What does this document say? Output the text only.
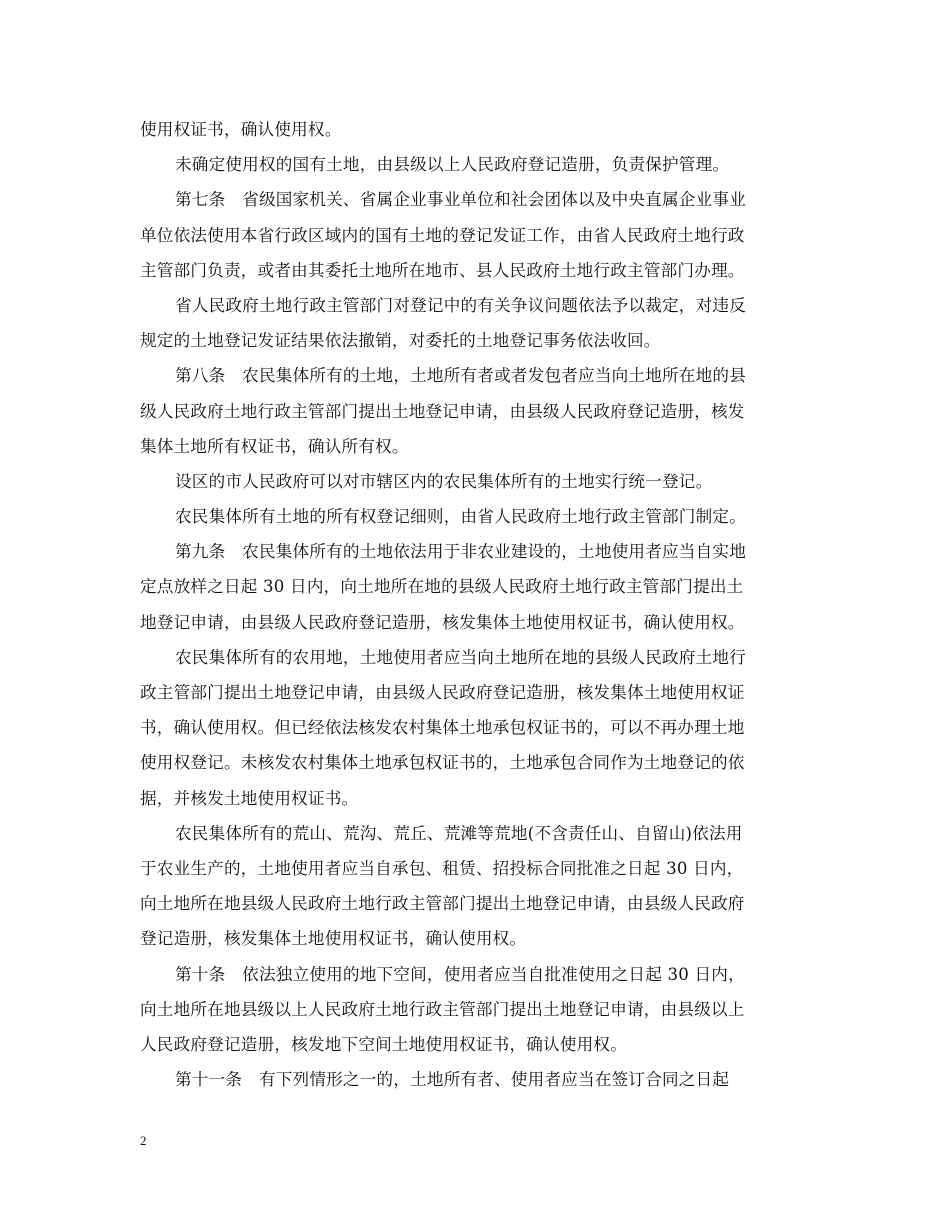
使用权证书，确认使用权。
未确定使用权的国有土地，由县级以上人民政府登记造册，负责保护管理。
第七条　省级国家机关、省属企业事业单位和社会团体以及中央直属企业事业
单位依法使用本省行政区域内的国有土地的登记发证工作，由省人民政府土地行政
主管部门负责，或者由其委托土地所在地市、县人民政府土地行政主管部门办理。
省人民政府土地行政主管部门对登记中的有关争议问题依法予以裁定，对违反
规定的土地登记发证结果依法撤销，对委托的土地登记事务依法收回。
第八条　农民集体所有的土地，土地所有者或者发包者应当向土地所在地的县
级人民政府土地行政主管部门提出土地登记申请，由县级人民政府登记造册，核发
集体土地所有权证书，确认所有权。
设区的市人民政府可以对市辖区内的农民集体所有的土地实行统一登记。
农民集体所有土地的所有权登记细则，由省人民政府土地行政主管部门制定。
第九条　农民集体所有的土地依法用于非农业建设的，土地使用者应当自实地
定点放样之日起 30 日内，向土地所在地的县级人民政府土地行政主管部门提出土
地登记申请，由县级人民政府登记造册，核发集体土地使用权证书，确认使用权。
农民集体所有的农用地，土地使用者应当向土地所在地的县级人民政府土地行
政主管部门提出土地登记申请，由县级人民政府登记造册，核发集体土地使用权证
书，确认使用权。但已经依法核发农村集体土地承包权证书的，可以不再办理土地
使用权登记。未核发农村集体土地承包权证书的，土地承包合同作为土地登记的依
据，并核发土地使用权证书。
农民集体所有的荒山、荒沟、荒丘、荒滩等荒地(不含责任山、自留山)依法用
于农业生产的，土地使用者应当自承包、租赁、招投标合同批准之日起 30 日内，
向土地所在地县级人民政府土地行政主管部门提出土地登记申请，由县级人民政府
登记造册，核发集体土地使用权证书，确认使用权。
第十条　依法独立使用的地下空间，使用者应当自批准使用之日起 30 日内，
向土地所在地县级以上人民政府土地行政主管部门提出土地登记申请，由县级以上
人民政府登记造册，核发地下空间土地使用权证书，确认使用权。
第十一条　有下列情形之一的，土地所有者、使用者应当在签订合同之日起
2
